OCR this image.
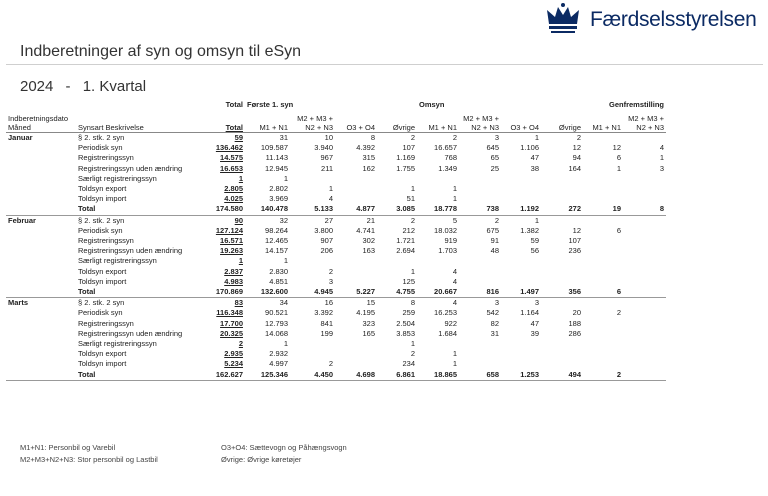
Færdselsstyrelsen
Indberetninger af syn og omsyn til eSyn
2024 - 1. Kvartal
		Total	Første 1. syn				Omsyn				Genfremstilling	
Indberetningsdato Måned	Synsart Beskrivelse	Total	M1 + N1	M2 + M3 + N2 + N3	O3 + O4	Øvrige	M1 + N1	M2 + M3 + N2 + N3	O3 + O4	Øvrige	M1 + N1	M2 + M3 + N2 + N3
Januar	§ 2. stk. 2 syn	59	31	10	8	2	2	3	1	2		
	Periodisk syn	136.462	109.587	3.940	4.392	107	16.657	645	1.106	12	12	4
	Registreringssyn	14.575	11.143	967	315	1.169	768	65	47	94	6	1
	Registreringssyn uden ændring	16.653	12.945	211	162	1.755	1.349	25	38	164	1	3
	Særligt registreringssyn	1	1									
	Toldsyn export	2.805	2.802	1		1	1					
	Toldsyn import	4.025	3.969	4		51	1					
	Total	174.580	140.478	5.133	4.877	3.085	18.778	738	1.192	272	19	8
Februar	§ 2. stk. 2 syn	90	32	27	21	2	5	2	1			
	Periodisk syn	127.124	98.264	3.800	4.741	212	18.032	675	1.382	12	6	
	Registreringssyn	16.571	12.465	907	302	1.721	919	91	59	107		
	Registreringssyn uden ændring	19.263	14.157	206	163	2.694	1.703	48	56	236		
	Særligt registreringssyn	1	1									
	Toldsyn export	2.837	2.830	2		1	4					
	Toldsyn import	4.983	4.851	3		125	4					
	Total	170.869	132.600	4.945	5.227	4.755	20.667	816	1.497	356	6	
Marts	§ 2. stk. 2 syn	83	34	16	15	8	4	3	3			
	Periodisk syn	116.348	90.521	3.392	4.195	259	16.253	542	1.164	20	2	
	Registreringssyn	17.700	12.793	841	323	2.504	922	82	47	188		
	Registreringssyn uden ændring	20.325	14.068	199	165	3.853	1.684	31	39	286		
	Særligt registreringssyn	2	1			1						
	Toldsyn export	2.935	2.932			2	1					
	Toldsyn import	5.234	4.997	2		234	1					
	Total	162.627	125.346	4.450	4.698	6.861	18.865	658	1.253	494	2	
M1+N1: Personbil og Varebil
M2+M3+N2+N3: Stor personbil og Lastbil
O3+O4: Sættevogn og Påhængsvogn
Øvrige: Øvrige køretøjer
